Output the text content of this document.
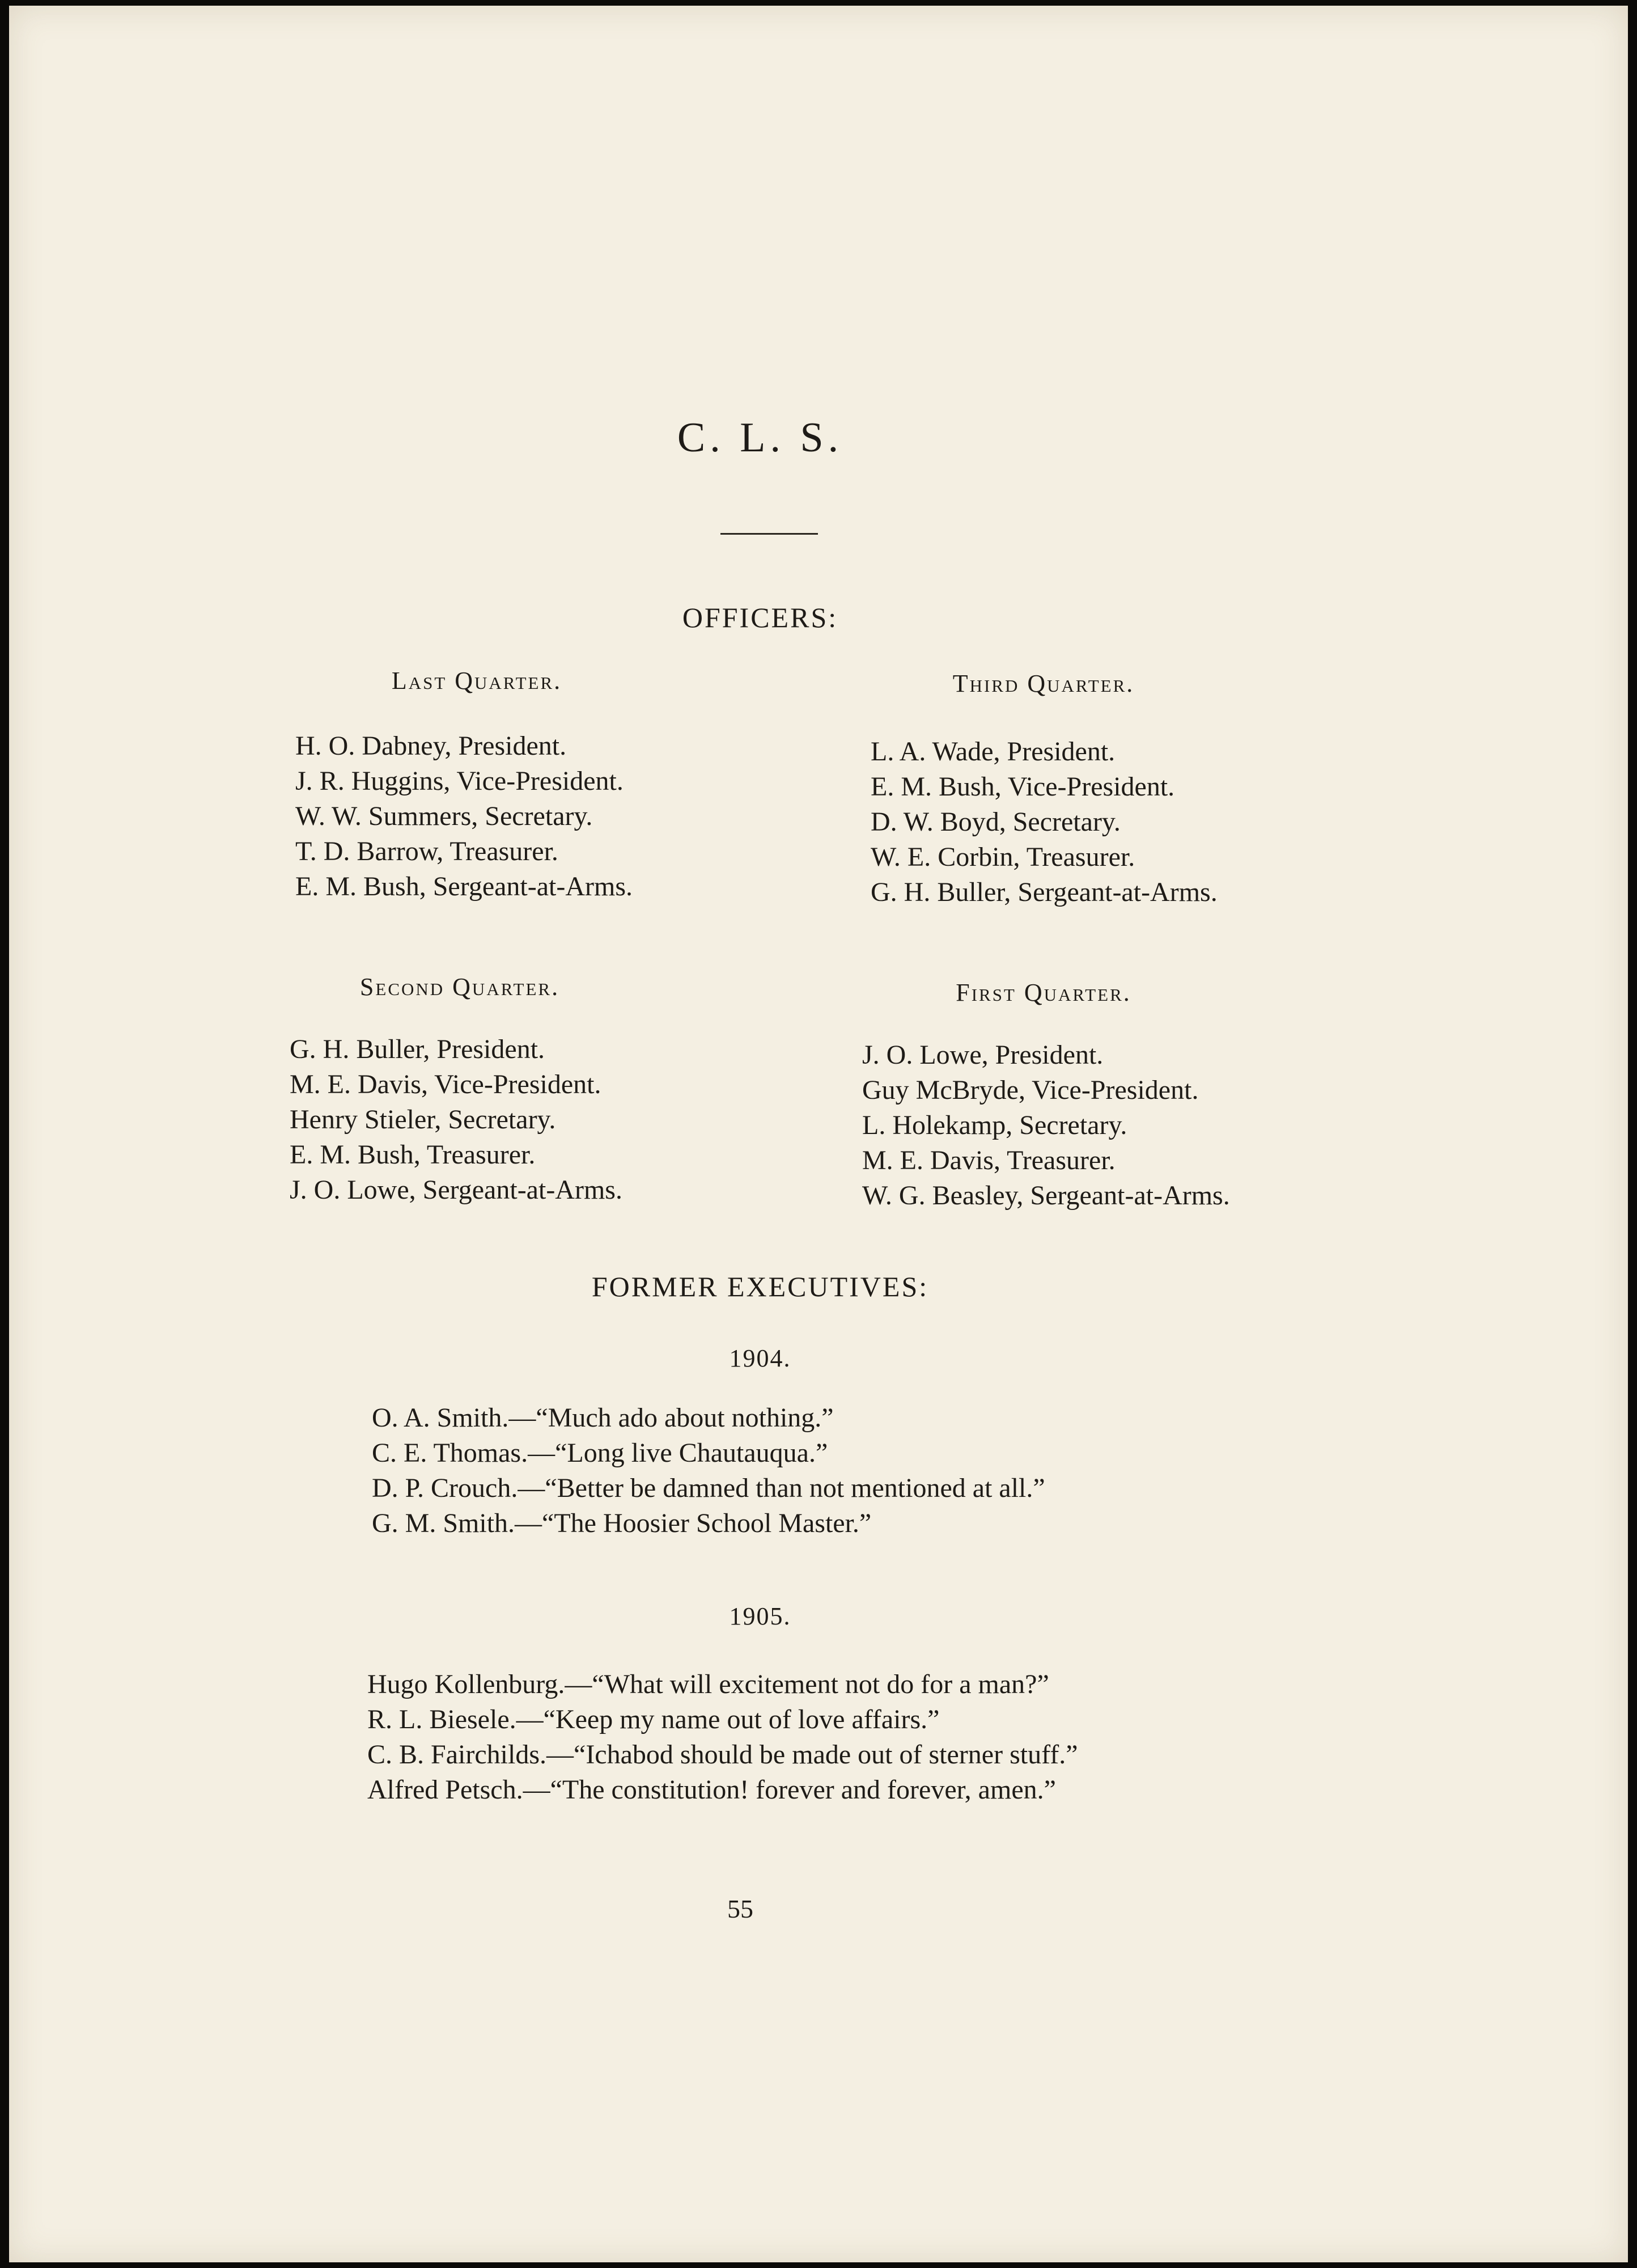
C. L. S.
OFFICERS:
Last Quarter.
H. O. Dabney, President.
J. R. Huggins, Vice-President.
W. W. Summers, Secretary.
T. D. Barrow, Treasurer.
E. M. Bush, Sergeant-at-Arms.
Third Quarter.
L. A. Wade, President.
E. M. Bush, Vice-President.
D. W. Boyd, Secretary.
W. E. Corbin, Treasurer.
G. H. Buller, Sergeant-at-Arms.
Second Quarter.
G. H. Buller, President.
M. E. Davis, Vice-President.
Henry Stieler, Secretary.
E. M. Bush, Treasurer.
J. O. Lowe, Sergeant-at-Arms.
First Quarter.
J. O. Lowe, President.
Guy McBryde, Vice-President.
L. Holekamp, Secretary.
M. E. Davis, Treasurer.
W. G. Beasley, Sergeant-at-Arms.
FORMER EXECUTIVES:
1904.
O. A. Smith.—“Much ado about nothing.”
C. E. Thomas.—“Long live Chautauqua.”
D. P. Crouch.—“Better be damned than not mentioned at all.”
G. M. Smith.—“The Hoosier School Master.”
1905.
Hugo Kollenburg.—“What will excitement not do for a man?”
R. L. Biesele.—“Keep my name out of love affairs.”
C. B. Fairchilds.—“Ichabod should be made out of sterner stuff.”
Alfred Petsch.—“The constitution! forever and forever, amen.”
55
